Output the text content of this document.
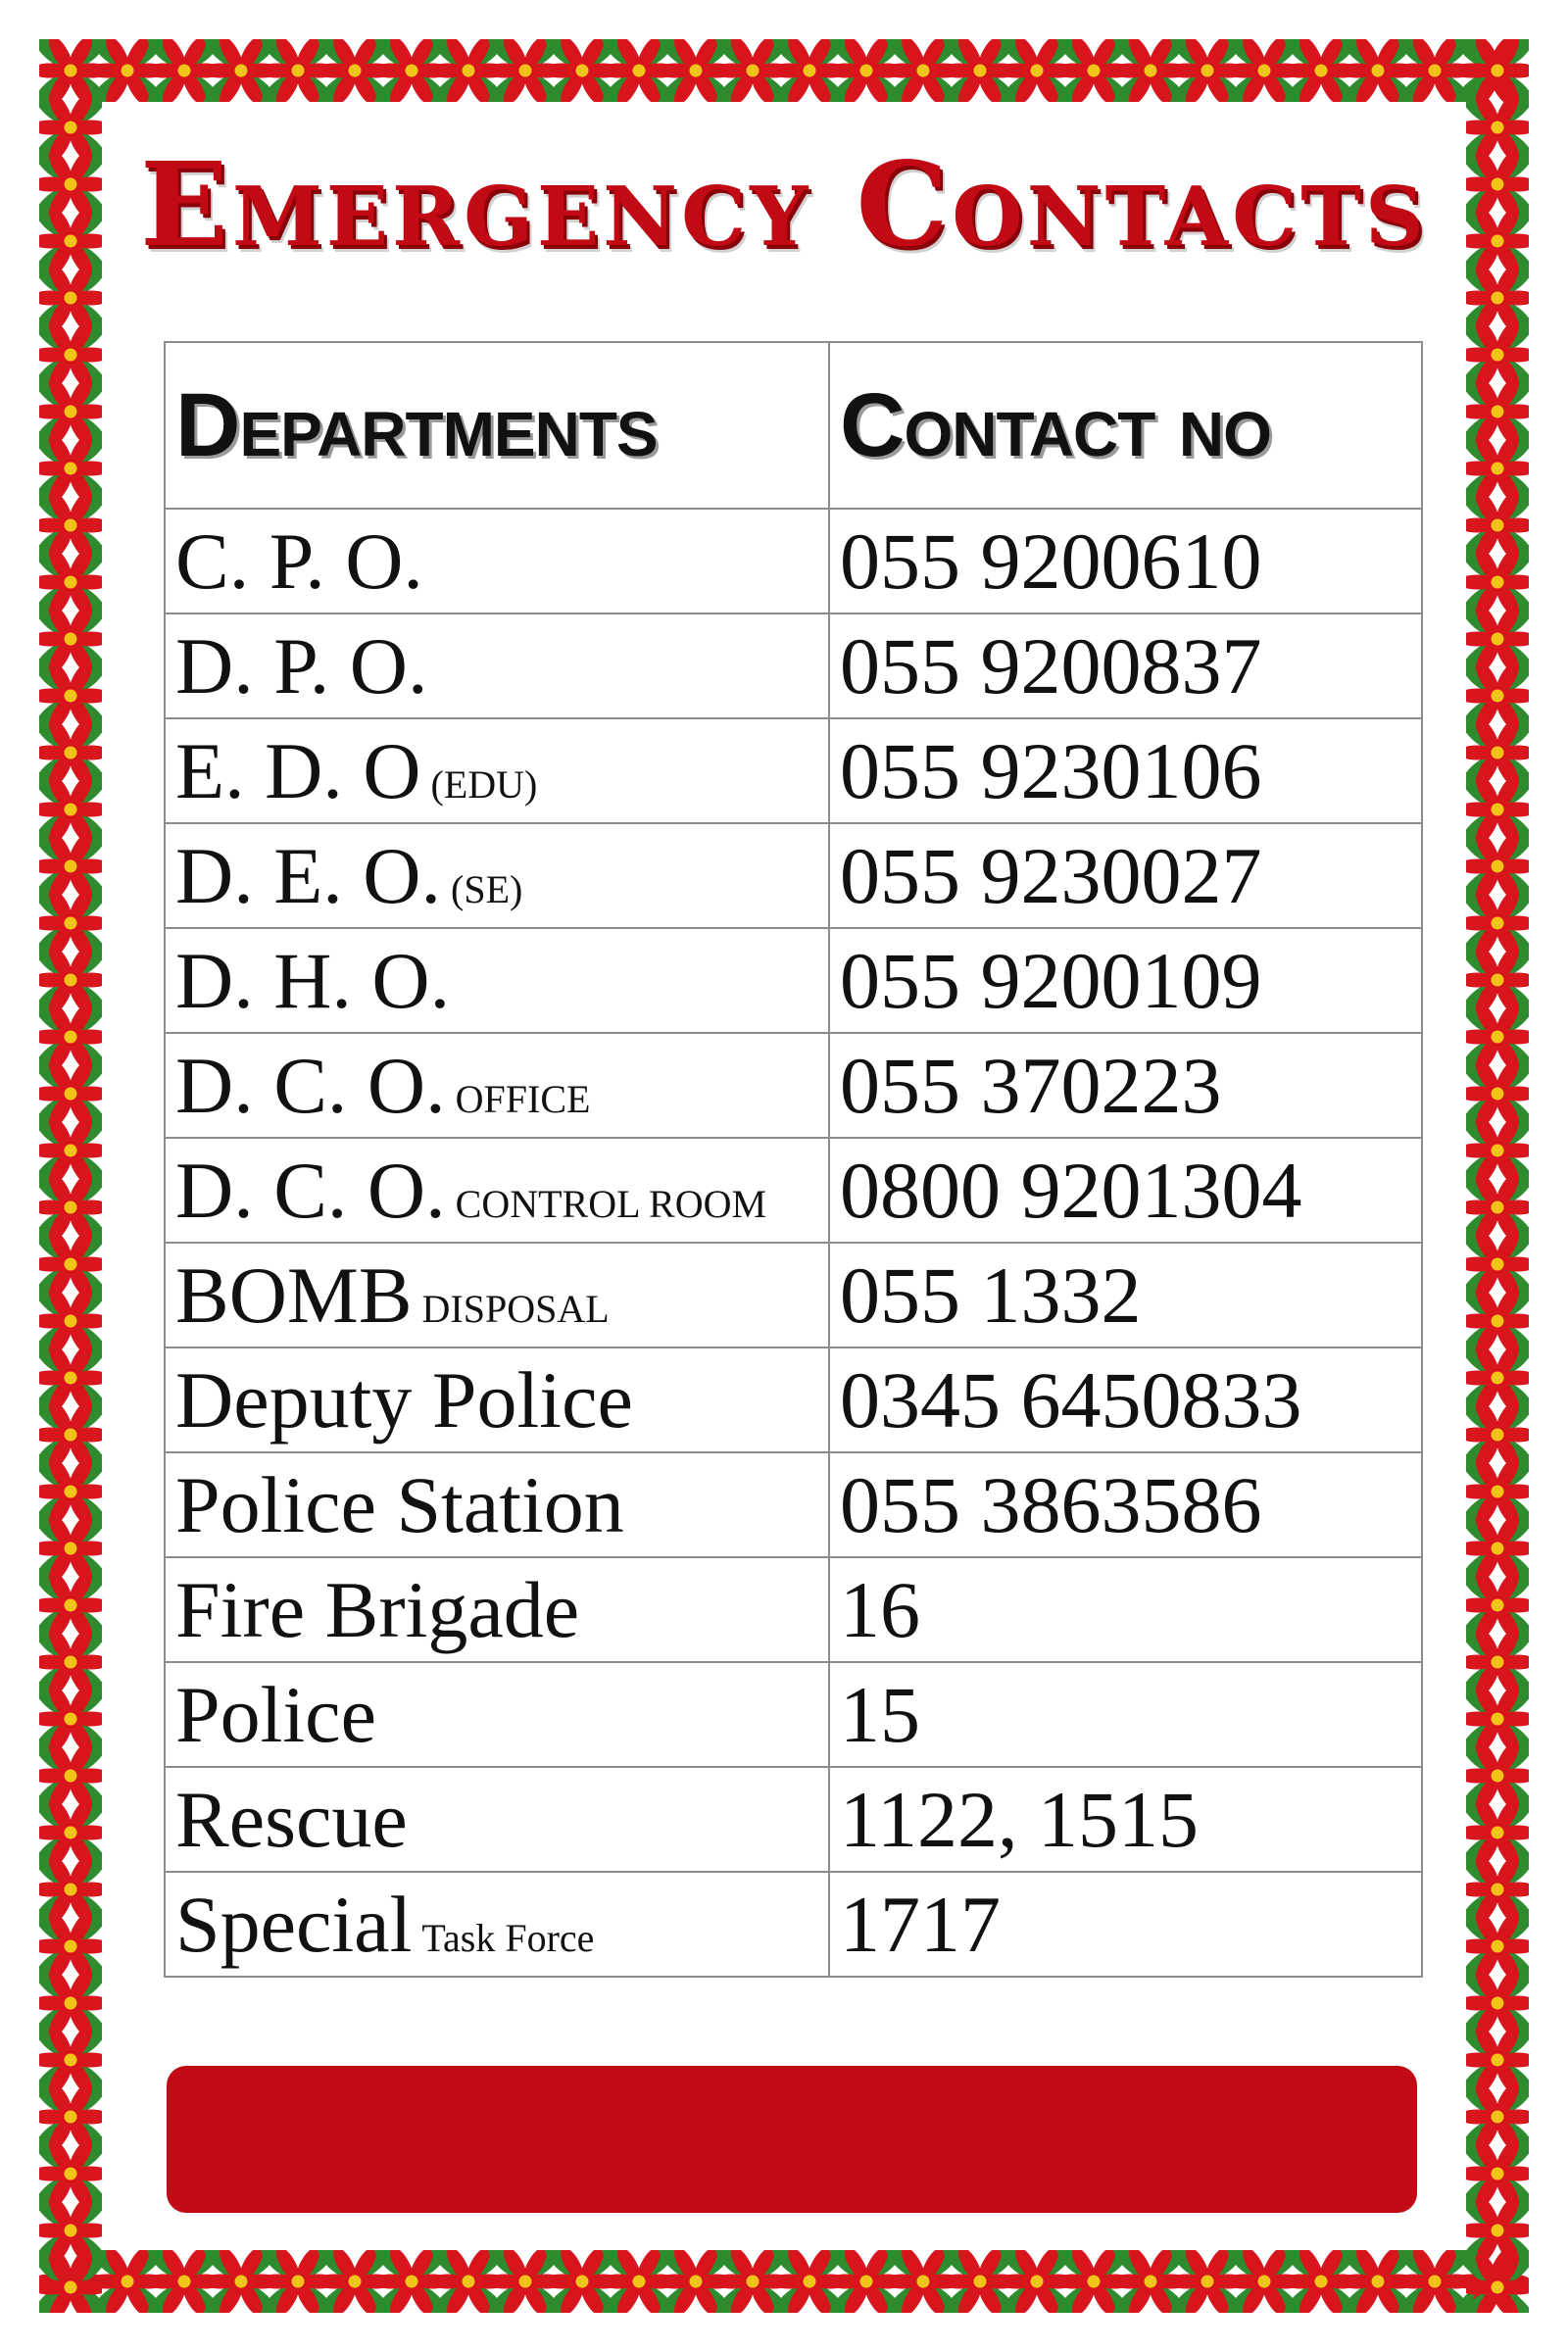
Emergency Contacts
Departments	Contact no
C. P. O.	055 9200610
D. P. O.	055 9200837
E. D. O (EDU)	055 9230106
D. E. O. (SE)	055 9230027
D. H. O.	055 9200109
D. C. O. OFFICE	055 370223
D. C. O. CONTROL ROOM	0800 9201304
BOMB DISPOSAL	055 1332
Deputy Police	0345 6450833
Police Station	055 3863586
Fire Brigade	16
Police	15
Rescue	1122, 1515
Special Task Force	1717
